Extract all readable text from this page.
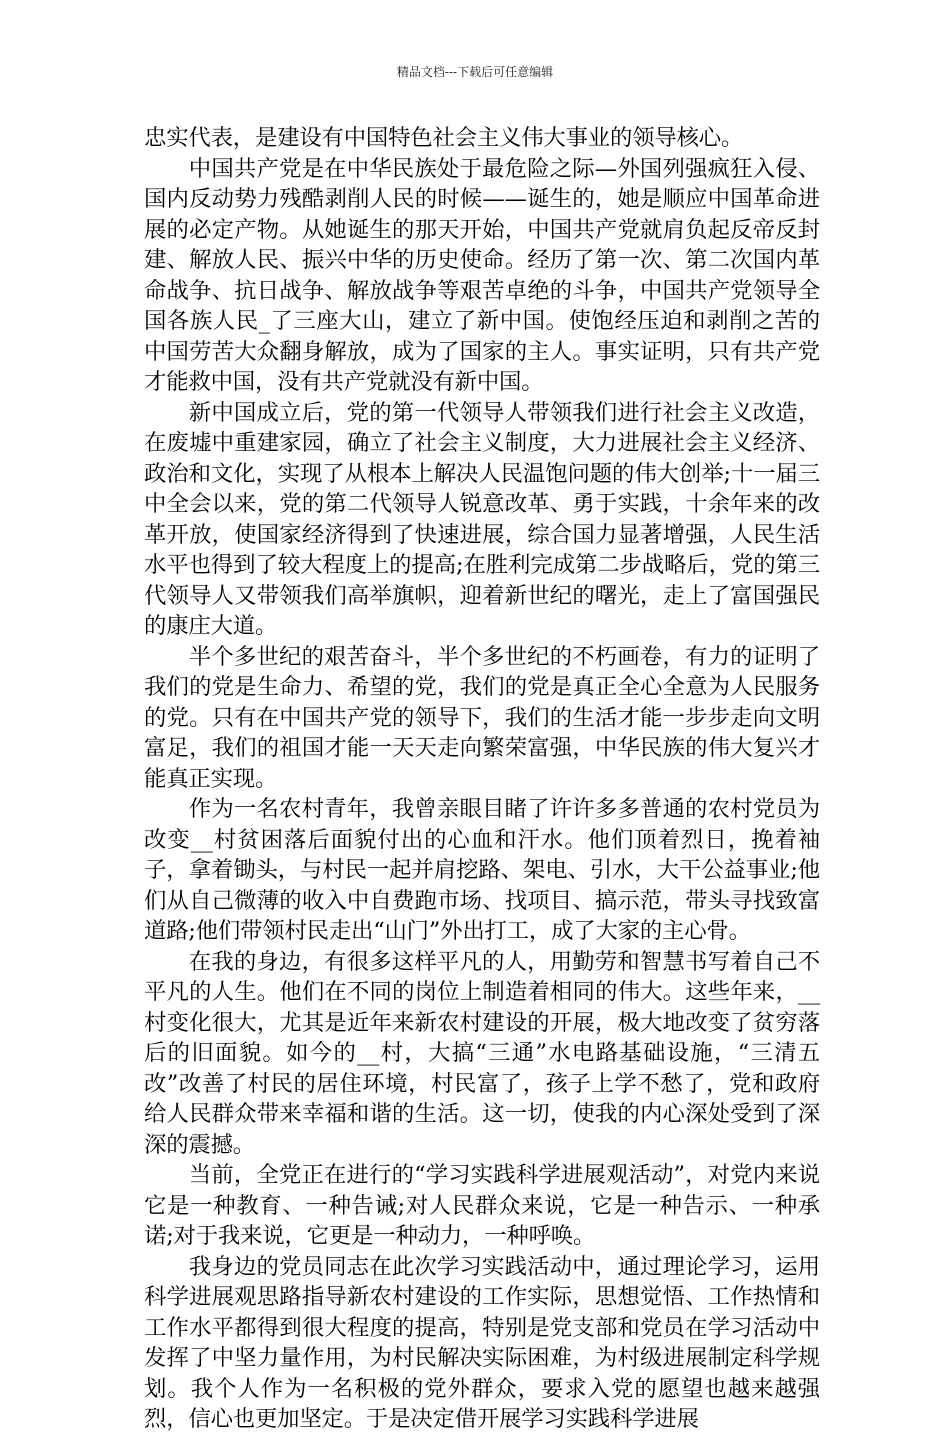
精品文档---下载后可任意编辑

忠实代表，是建设有中国特色社会主义伟大事业的领导核心。

中国共产党是在中华民族处于最危险之际—外国列强疯狂入侵、国内反动势力残酷剥削人民的时候——诞生的，她是顺应中国革命进展的必定产物。从她诞生的那天开始，中国共产党就肩负起反帝反封建、解放人民、振兴中华的历史使命。经历了第一次、第二次国内革命战争、抗日战争、解放战争等艰苦卓绝的斗争，中国共产党领导全国各族人民_了三座大山，建立了新中国。使饱经压迫和剥削之苦的中国劳苦大众翻身解放，成为了国家的主人。事实证明，只有共产党才能救中国，没有共产党就没有新中国。

新中国成立后，党的第一代领导人带领我们进行社会主义改造，在废墟中重建家园，确立了社会主义制度，大力进展社会主义经济、政治和文化，实现了从根本上解决人民温饱问题的伟大创举;十一届三中全会以来，党的第二代领导人锐意改革、勇于实践，十余年来的改革开放，使国家经济得到了快速进展，综合国力显著增强，人民生活水平也得到了较大程度上的提高;在胜利完成第二步战略后，党的第三代领导人又带领我们高举旗帜，迎着新世纪的曙光，走上了富国强民的康庄大道。

半个多世纪的艰苦奋斗，半个多世纪的不朽画卷，有力的证明了我们的党是生命力、希望的党，我们的党是真正全心全意为人民服务的党。只有在中国共产党的领导下，我们的生活才能一步步走向文明富足，我们的祖国才能一天天走向繁荣富强，中华民族的伟大复兴才能真正实现。

作为一名农村青年，我曾亲眼目睹了许许多多普通的农村党员为改变__村贫困落后面貌付出的心血和汗水。他们顶着烈日，挽着袖子，拿着锄头，与村民一起并肩挖路、架电、引水，大干公益事业;他们从自己微薄的收入中自费跑市场、找项目、搞示范，带头寻找致富道路;他们带领村民走出“山门”外出打工，成了大家的主心骨。

在我的身边，有很多这样平凡的人，用勤劳和智慧书写着自己不平凡的人生。他们在不同的岗位上制造着相同的伟大。这些年来，__村变化很大，尤其是近年来新农村建设的开展，极大地改变了贫穷落后的旧面貌。如今的__村，大搞“三通”水电路基础设施，“三清五改”改善了村民的居住环境，村民富了，孩子上学不愁了，党和政府给人民群众带来幸福和谐的生活。这一切，使我的内心深处受到了深深的震撼。

当前，全党正在进行的“学习实践科学进展观活动”，对党内来说它是一种教育、一种告诫;对人民群众来说，它是一种告示、一种承诺;对于我来说，它更是一种动力，一种呼唤。

我身边的党员同志在此次学习实践活动中，通过理论学习，运用科学进展观思路指导新农村建设的工作实际，思想觉悟、工作热情和工作水平都得到很大程度的提高，特别是党支部和党员在学习活动中发挥了中坚力量作用，为村民解决实际困难，为村级进展制定科学规划。我个人作为一名积极的党外群众，要求入党的愿望也越来越强烈，信心也更加坚定。于是决定借开展学习实践科学进展
